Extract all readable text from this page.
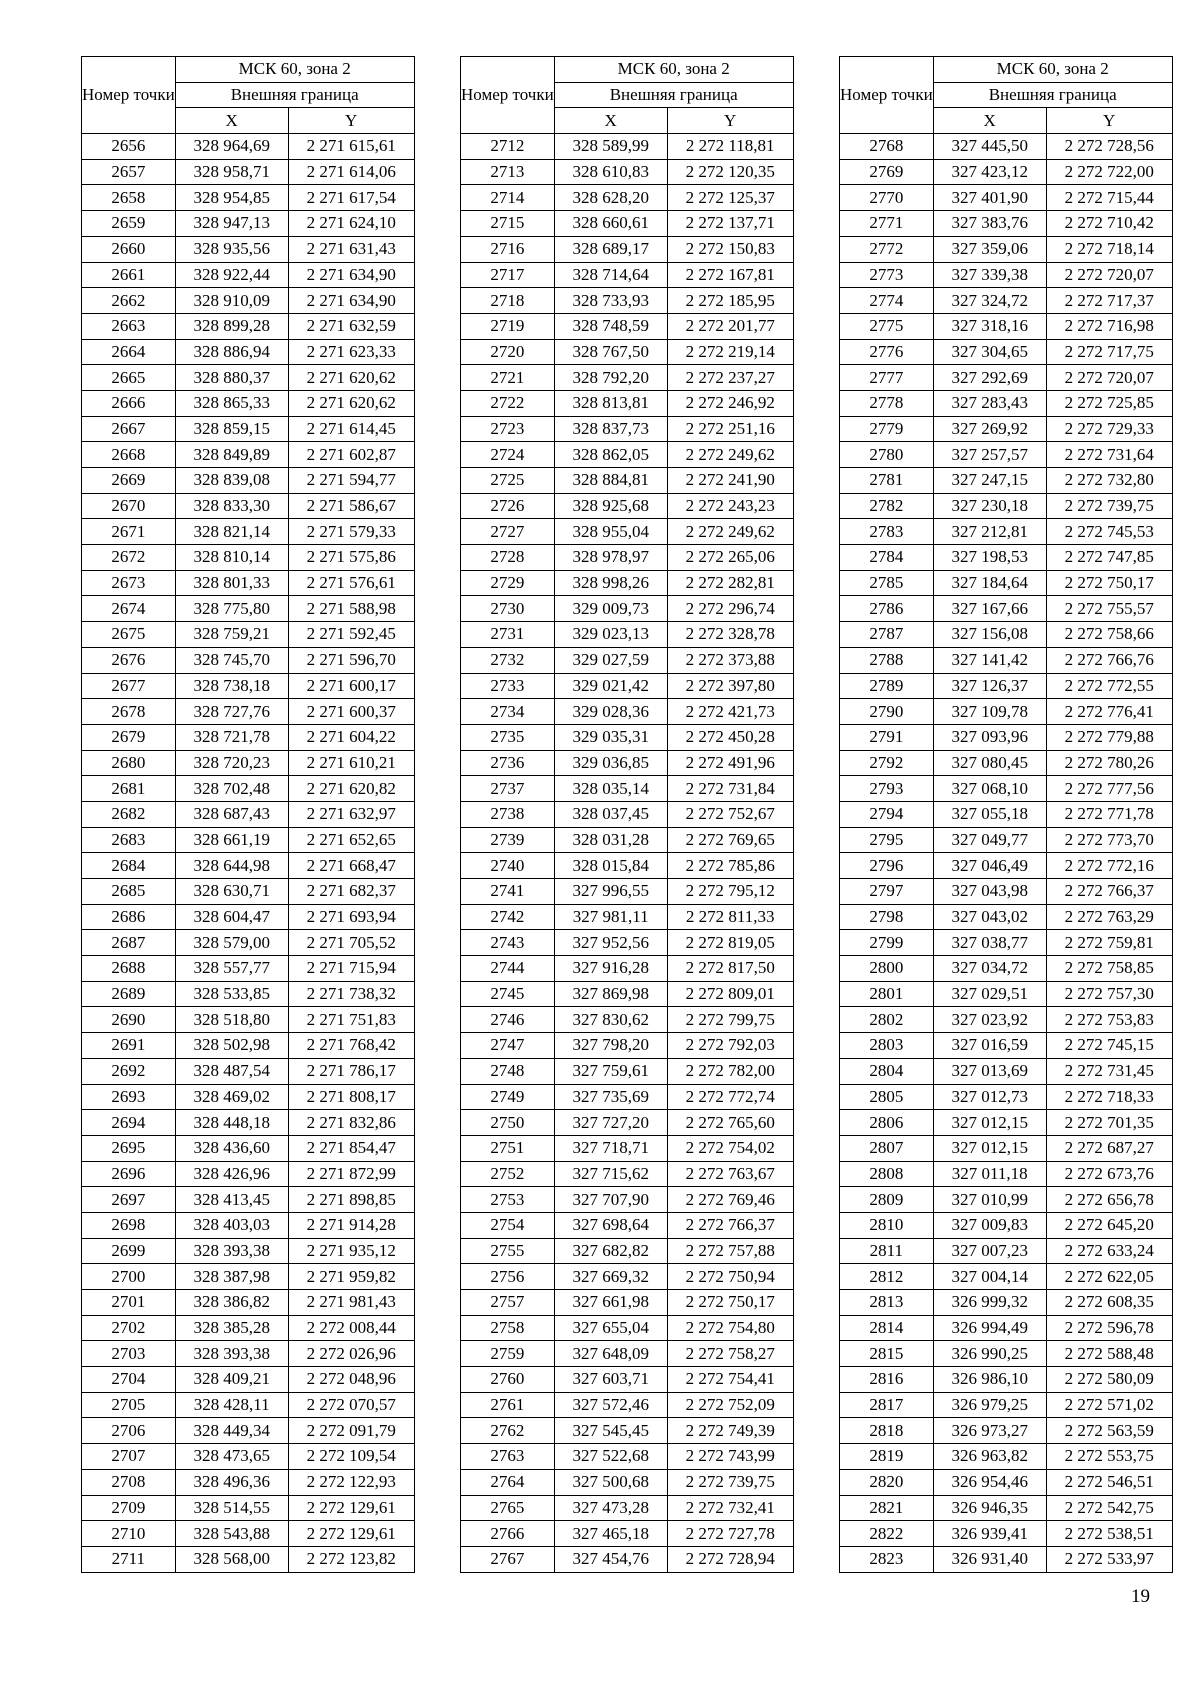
Номер точки	МСК 60, зона 2	
	Внешняя граница	
	X	Y
2656	328 964,69	2 271 615,61
2657	328 958,71	2 271 614,06
2658	328 954,85	2 271 617,54
2659	328 947,13	2 271 624,10
2660	328 935,56	2 271 631,43
2661	328 922,44	2 271 634,90
2662	328 910,09	2 271 634,90
2663	328 899,28	2 271 632,59
2664	328 886,94	2 271 623,33
2665	328 880,37	2 271 620,62
2666	328 865,33	2 271 620,62
2667	328 859,15	2 271 614,45
2668	328 849,89	2 271 602,87
2669	328 839,08	2 271 594,77
2670	328 833,30	2 271 586,67
2671	328 821,14	2 271 579,33
2672	328 810,14	2 271 575,86
2673	328 801,33	2 271 576,61
2674	328 775,80	2 271 588,98
2675	328 759,21	2 271 592,45
2676	328 745,70	2 271 596,70
2677	328 738,18	2 271 600,17
2678	328 727,76	2 271 600,37
2679	328 721,78	2 271 604,22
2680	328 720,23	2 271 610,21
2681	328 702,48	2 271 620,82
2682	328 687,43	2 271 632,97
2683	328 661,19	2 271 652,65
2684	328 644,98	2 271 668,47
2685	328 630,71	2 271 682,37
2686	328 604,47	2 271 693,94
2687	328 579,00	2 271 705,52
2688	328 557,77	2 271 715,94
2689	328 533,85	2 271 738,32
2690	328 518,80	2 271 751,83
2691	328 502,98	2 271 768,42
2692	328 487,54	2 271 786,17
2693	328 469,02	2 271 808,17
2694	328 448,18	2 271 832,86
2695	328 436,60	2 271 854,47
2696	328 426,96	2 271 872,99
2697	328 413,45	2 271 898,85
2698	328 403,03	2 271 914,28
2699	328 393,38	2 271 935,12
2700	328 387,98	2 271 959,82
2701	328 386,82	2 271 981,43
2702	328 385,28	2 272 008,44
2703	328 393,38	2 272 026,96
2704	328 409,21	2 272 048,96
2705	328 428,11	2 272 070,57
2706	328 449,34	2 272 091,79
2707	328 473,65	2 272 109,54
2708	328 496,36	2 272 122,93
2709	328 514,55	2 272 129,61
2710	328 543,88	2 272 129,61
2711	328 568,00	2 272 123,82
Номер точки	МСК 60, зона 2	
	Внешняя граница	
	X	Y
2712	328 589,99	2 272 118,81
2713	328 610,83	2 272 120,35
2714	328 628,20	2 272 125,37
2715	328 660,61	2 272 137,71
2716	328 689,17	2 272 150,83
2717	328 714,64	2 272 167,81
2718	328 733,93	2 272 185,95
2719	328 748,59	2 272 201,77
2720	328 767,50	2 272 219,14
2721	328 792,20	2 272 237,27
2722	328 813,81	2 272 246,92
2723	328 837,73	2 272 251,16
2724	328 862,05	2 272 249,62
2725	328 884,81	2 272 241,90
2726	328 925,68	2 272 243,23
2727	328 955,04	2 272 249,62
2728	328 978,97	2 272 265,06
2729	328 998,26	2 272 282,81
2730	329 009,73	2 272 296,74
2731	329 023,13	2 272 328,78
2732	329 027,59	2 272 373,88
2733	329 021,42	2 272 397,80
2734	329 028,36	2 272 421,73
2735	329 035,31	2 272 450,28
2736	329 036,85	2 272 491,96
2737	328 035,14	2 272 731,84
2738	328 037,45	2 272 752,67
2739	328 031,28	2 272 769,65
2740	328 015,84	2 272 785,86
2741	327 996,55	2 272 795,12
2742	327 981,11	2 272 811,33
2743	327 952,56	2 272 819,05
2744	327 916,28	2 272 817,50
2745	327 869,98	2 272 809,01
2746	327 830,62	2 272 799,75
2747	327 798,20	2 272 792,03
2748	327 759,61	2 272 782,00
2749	327 735,69	2 272 772,74
2750	327 727,20	2 272 765,60
2751	327 718,71	2 272 754,02
2752	327 715,62	2 272 763,67
2753	327 707,90	2 272 769,46
2754	327 698,64	2 272 766,37
2755	327 682,82	2 272 757,88
2756	327 669,32	2 272 750,94
2757	327 661,98	2 272 750,17
2758	327 655,04	2 272 754,80
2759	327 648,09	2 272 758,27
2760	327 603,71	2 272 754,41
2761	327 572,46	2 272 752,09
2762	327 545,45	2 272 749,39
2763	327 522,68	2 272 743,99
2764	327 500,68	2 272 739,75
2765	327 473,28	2 272 732,41
2766	327 465,18	2 272 727,78
2767	327 454,76	2 272 728,94
Номер точки	МСК 60, зона 2	
	Внешняя граница	
	X	Y
2768	327 445,50	2 272 728,56
2769	327 423,12	2 272 722,00
2770	327 401,90	2 272 715,44
2771	327 383,76	2 272 710,42
2772	327 359,06	2 272 718,14
2773	327 339,38	2 272 720,07
2774	327 324,72	2 272 717,37
2775	327 318,16	2 272 716,98
2776	327 304,65	2 272 717,75
2777	327 292,69	2 272 720,07
2778	327 283,43	2 272 725,85
2779	327 269,92	2 272 729,33
2780	327 257,57	2 272 731,64
2781	327 247,15	2 272 732,80
2782	327 230,18	2 272 739,75
2783	327 212,81	2 272 745,53
2784	327 198,53	2 272 747,85
2785	327 184,64	2 272 750,17
2786	327 167,66	2 272 755,57
2787	327 156,08	2 272 758,66
2788	327 141,42	2 272 766,76
2789	327 126,37	2 272 772,55
2790	327 109,78	2 272 776,41
2791	327 093,96	2 272 779,88
2792	327 080,45	2 272 780,26
2793	327 068,10	2 272 777,56
2794	327 055,18	2 272 771,78
2795	327 049,77	2 272 773,70
2796	327 046,49	2 272 772,16
2797	327 043,98	2 272 766,37
2798	327 043,02	2 272 763,29
2799	327 038,77	2 272 759,81
2800	327 034,72	2 272 758,85
2801	327 029,51	2 272 757,30
2802	327 023,92	2 272 753,83
2803	327 016,59	2 272 745,15
2804	327 013,69	2 272 731,45
2805	327 012,73	2 272 718,33
2806	327 012,15	2 272 701,35
2807	327 012,15	2 272 687,27
2808	327 011,18	2 272 673,76
2809	327 010,99	2 272 656,78
2810	327 009,83	2 272 645,20
2811	327 007,23	2 272 633,24
2812	327 004,14	2 272 622,05
2813	326 999,32	2 272 608,35
2814	326 994,49	2 272 596,78
2815	326 990,25	2 272 588,48
2816	326 986,10	2 272 580,09
2817	326 979,25	2 272 571,02
2818	326 973,27	2 272 563,59
2819	326 963,82	2 272 553,75
2820	326 954,46	2 272 546,51
2821	326 946,35	2 272 542,75
2822	326 939,41	2 272 538,51
2823	326 931,40	2 272 533,97
19
